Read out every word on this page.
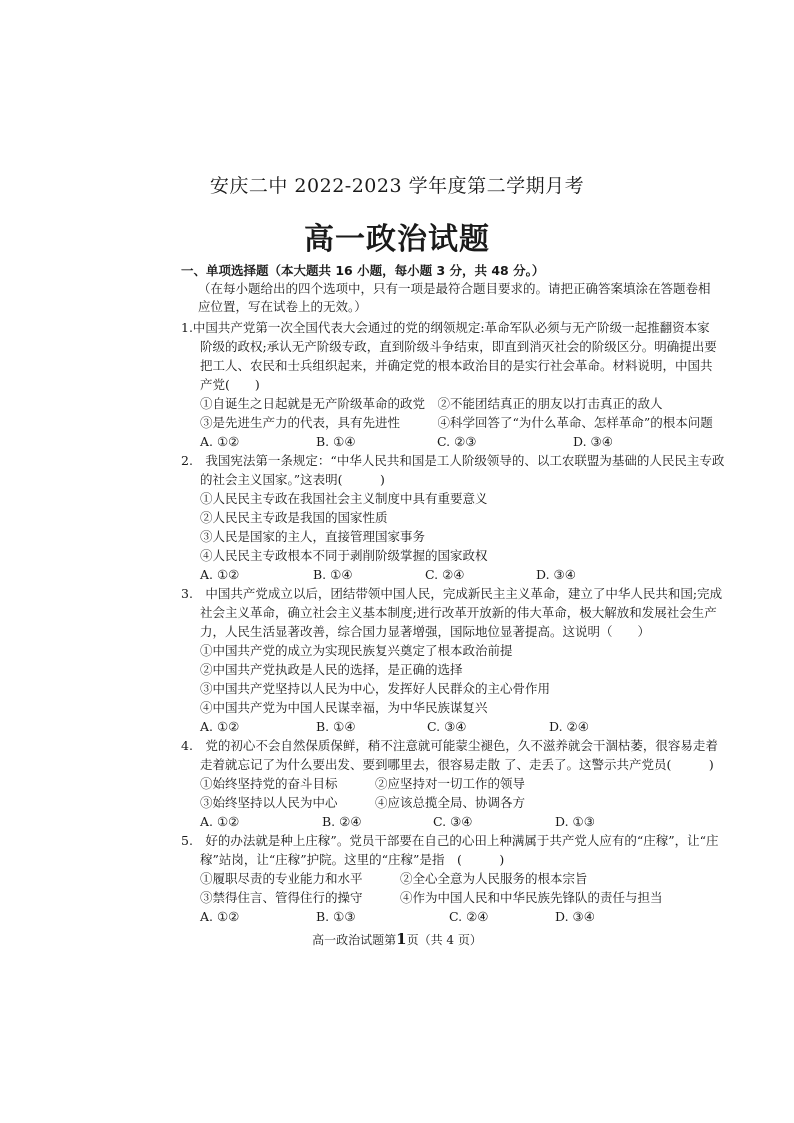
安庆二中 2022-2023 学年度第二学期月考
高一政治试题
一、单项选择题（本大题共 16 小题，每小题 3 分，共 48 分。）
（在每小题给出的四个选项中，只有一项是最符合题目要求的。请把正确答案填涂在答题卷相
应位置，写在试卷上的无效。）
1.中国共产党第一次全国代表大会通过的党的纲领规定:革命军队必须与无产阶级一起推翻资本家
阶级的政权;承认无产阶级专政，直到阶级斗争结束，即直到消灭社会的阶级区分。明确提出要
把工人、农民和士兵组织起来，并确定党的根本政治目的是实行社会革命。材料说明，中国共
产党(　　)
①自诞生之日起就是无产阶级革命的政党　②不能团结真正的朋友以打击真正的敌人
③是先进生产力的代表，具有先进性　　　④科学回答了“为什么革命、怎样革命”的根本问题
A. ①②	B. ①④	C. ②③	D. ③④
2.　我国宪法第一条规定：“中华人民共和国是工人阶级领导的、以工农联盟为基础的人民民主专政
的社会主义国家。”这表明(　　　)
①人民民主专政在我国社会主义制度中具有重要意义
②人民民主专政是我国的国家性质
③人民是国家的主人，直接管理国家事务
④人民民主专政根本不同于剥削阶级掌握的国家政权
A. ①②	B. ①④	C. ②④	D. ③④
3.　中国共产党成立以后，团结带领中国人民，完成新民主主义革命，建立了中华人民共和国;完成
社会主义革命，确立社会主义基本制度;进行改革开放新的伟大革命，极大解放和发展社会生产
力，人民生活显著改善，综合国力显著增强，国际地位显著提高。这说明（　　）
①中国共产党的成立为实现民族复兴奠定了根本政治前提
②中国共产党执政是人民的选择，是正确的选择
③中国共产党坚持以人民为中心，发挥好人民群众的主心骨作用
④中国共产党为中国人民谋幸福，为中华民族谋复兴
A. ①②	B. ①④	C. ③④	D. ②④
4.　党的初心不会自然保质保鲜，稍不注意就可能蒙尘褪色，久不滋养就会干涸枯萎，很容易走着
走着就忘记了为什么要出发、要到哪里去，很容易走散 了、走丢了。这警示共产党员(　　　)
①始终坚持党的奋斗目标　　　②应坚持对一切工作的领导
③始终坚持以人民为中心　　　④应该总揽全局、协调各方
A. ①②	B. ②④	C. ③④	D. ①③
5.　好的办法就是种上庄稼”。党员干部要在自己的心田上种满属于共产党人应有的“庄稼”，让“庄
稼”站岗，让“庄稼”护院。这里的“庄稼”是指　(　　　)
①履职尽责的专业能力和水平　　　②全心全意为人民服务的根本宗旨
③禁得住言、管得住行的操守　　　④作为中国人民和中华民族先锋队的责任与担当
A. ①②	B. ①③	C. ②④	D. ③④
高一政治试题第1页（共 4 页）
